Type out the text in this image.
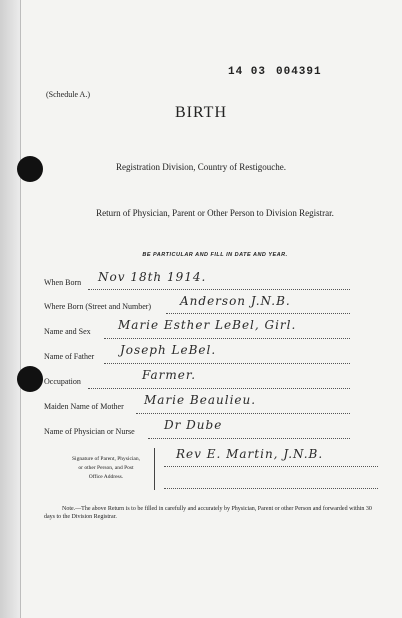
14 03 004391
(Schedule A.)
BIRTH
Registration Division, Country of Restigouche.
Return of Physician, Parent or Other Person to Division Registrar.
BE PARTICULAR AND FILL IN DATE AND YEAR.
When Born Nov 18th 1914.
Where Born (Street and Number) Anderson J.N.B.
Name and Sex Marie Esther LeBel, Girl.
Name of Father Joseph LeBel.
Occupation	Farmer.
Maiden Name of Mother Marie Beaulieu.
Name of Physician or Nurse Dr Dube
Signature of Parent, Physician,
or other Person, and Post
Office Address.
Rev E. Martin, J.N.B.
Note.—The above Return is to be filled in carefully and accurately by Physician, Parent or other Person and forwarded within 30 days to the Division Registrar.
